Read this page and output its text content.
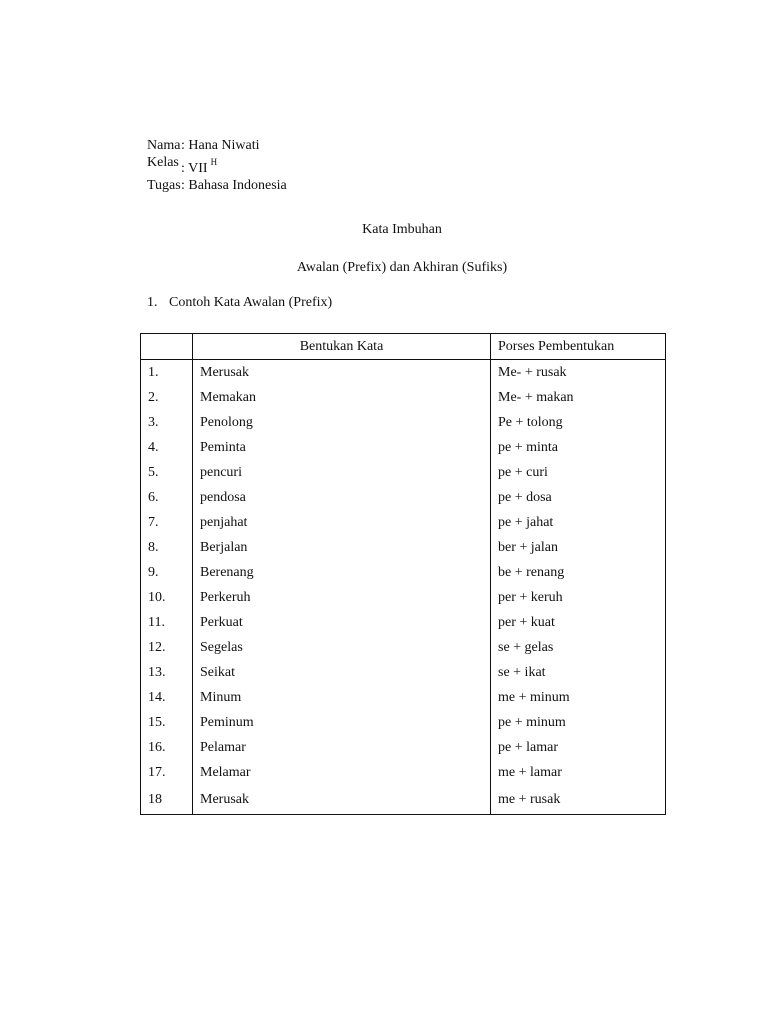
Nama : Hana Niwati
Kelas : VII $^H$
Tugas : Bahasa Indonesia
Kata Imbuhan
Awalan (Prefix) dan Akhiran (Sufiks)
1. Contoh Kata Awalan (Prefix)
	Bentukan Kata	Porses Pembentukan
1.	Merusak	Me- + rusak
2.	Memakan	Me- + makan
3.	Penolong	Pe + tolong
4.	Peminta	pe + minta
5.	pencuri	pe + curi
6.	pendosa	pe + dosa
7.	penjahat	pe + jahat
8.	Berjalan	ber + jalan
9.	Berenang	be + renang
10.	Perkeruh	per + keruh
11.	Perkuat	per + kuat
12.	Segelas	se + gelas
13.	Seikat	se + ikat
14.	Minum	me + minum
15.	Peminum	pe + minum
16.	Pelamar	pe + lamar
17.	Melamar	me + lamar
18	Merusak	me + rusak
